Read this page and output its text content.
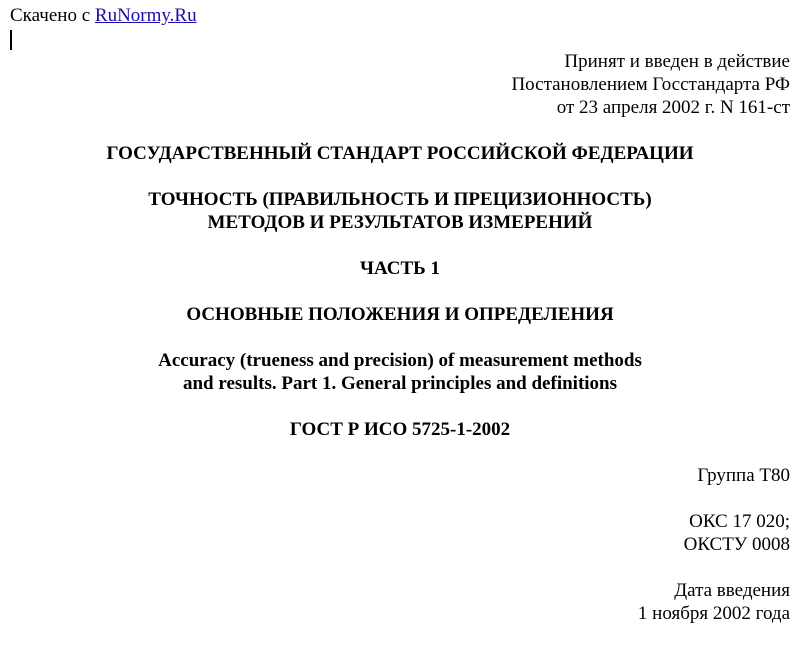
Скачено с RuNormy.Ru
Принят и введен в действие
Постановлением Госстандарта РФ
от 23 апреля 2002 г. N 161-ст
ГОСУДАРСТВЕННЫЙ СТАНДАРТ РОССИЙСКОЙ ФЕДЕРАЦИИ
ТОЧНОСТЬ (ПРАВИЛЬНОСТЬ И ПРЕЦИЗИОННОСТЬ)
МЕТОДОВ И РЕЗУЛЬТАТОВ ИЗМЕРЕНИЙ
ЧАСТЬ 1
ОСНОВНЫЕ ПОЛОЖЕНИЯ И ОПРЕДЕЛЕНИЯ
Accuracy (trueness and precision) of measurement methods
and results. Part 1. General principles and definitions
ГОСТ Р ИСО 5725-1-2002
Группа Т80
ОКС 17 020;
ОКСТУ 0008
Дата введения
1 ноября 2002 года
